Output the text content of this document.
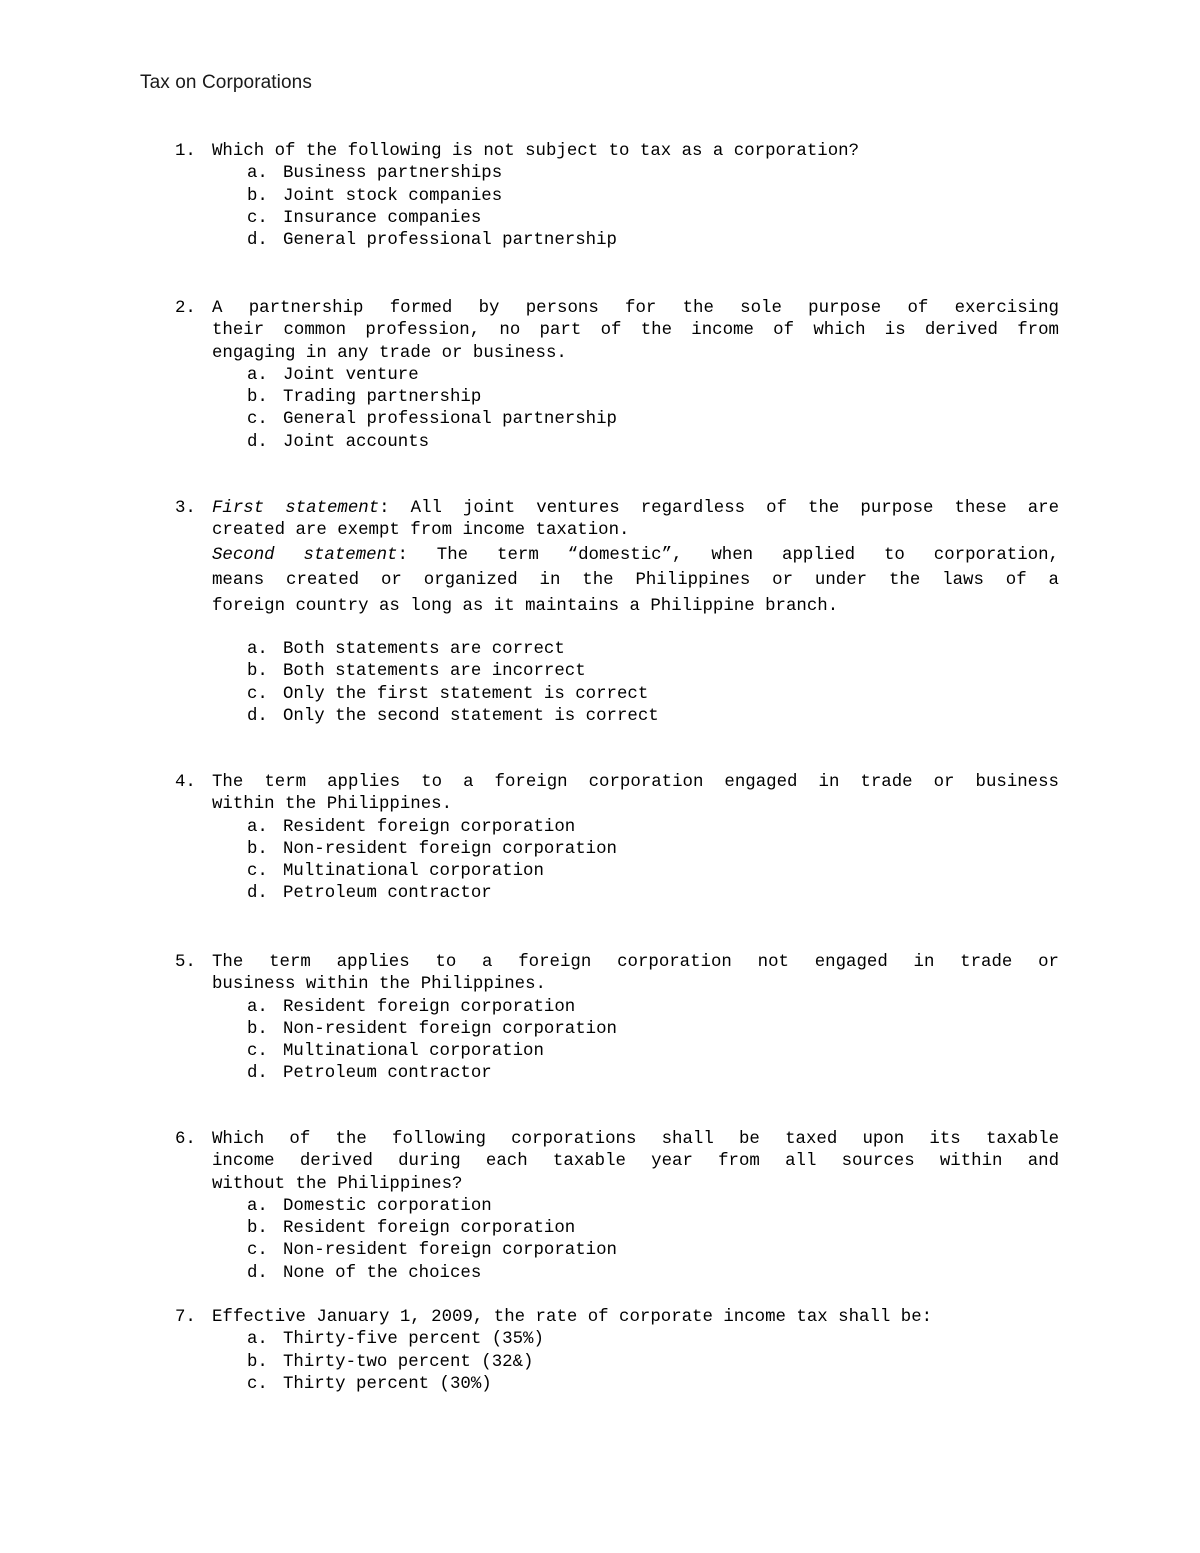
Tax on Corporations
1. Which of the following is not subject to tax as a corporation?
a. Business partnerships
b. Joint stock companies
c. Insurance companies
d. General professional partnership
2. A partnership formed by persons for the sole purpose of exercising
their common profession, no part of the income of which is derived from
engaging in any trade or business.
a. Joint venture
b. Trading partnership
c. General professional partnership
d. Joint accounts
3. First statement: All joint ventures regardless of the purpose these are
created are exempt from income taxation.
Second statement: The term “domestic”, when applied to corporation,
means created or organized in the Philippines or under the laws of a
foreign country as long as it maintains a Philippine branch.
a. Both statements are correct
b. Both statements are incorrect
c. Only the first statement is correct
d. Only the second statement is correct
4. The term applies to a foreign corporation engaged in trade or business
within the Philippines.
a. Resident foreign corporation
b. Non-resident foreign corporation
c. Multinational corporation
d. Petroleum contractor
5. The term applies to a foreign corporation not engaged in trade or
business within the Philippines.
a. Resident foreign corporation
b. Non-resident foreign corporation
c. Multinational corporation
d. Petroleum contractor
6. Which of the following corporations shall be taxed upon its taxable
income derived during each taxable year from all sources within and
without the Philippines?
a. Domestic corporation
b. Resident foreign corporation
c. Non-resident foreign corporation
d. None of the choices
7. Effective January 1, 2009, the rate of corporate income tax shall be:
a. Thirty-five percent (35%)
b. Thirty-two percent (32&)
c. Thirty percent (30%)
